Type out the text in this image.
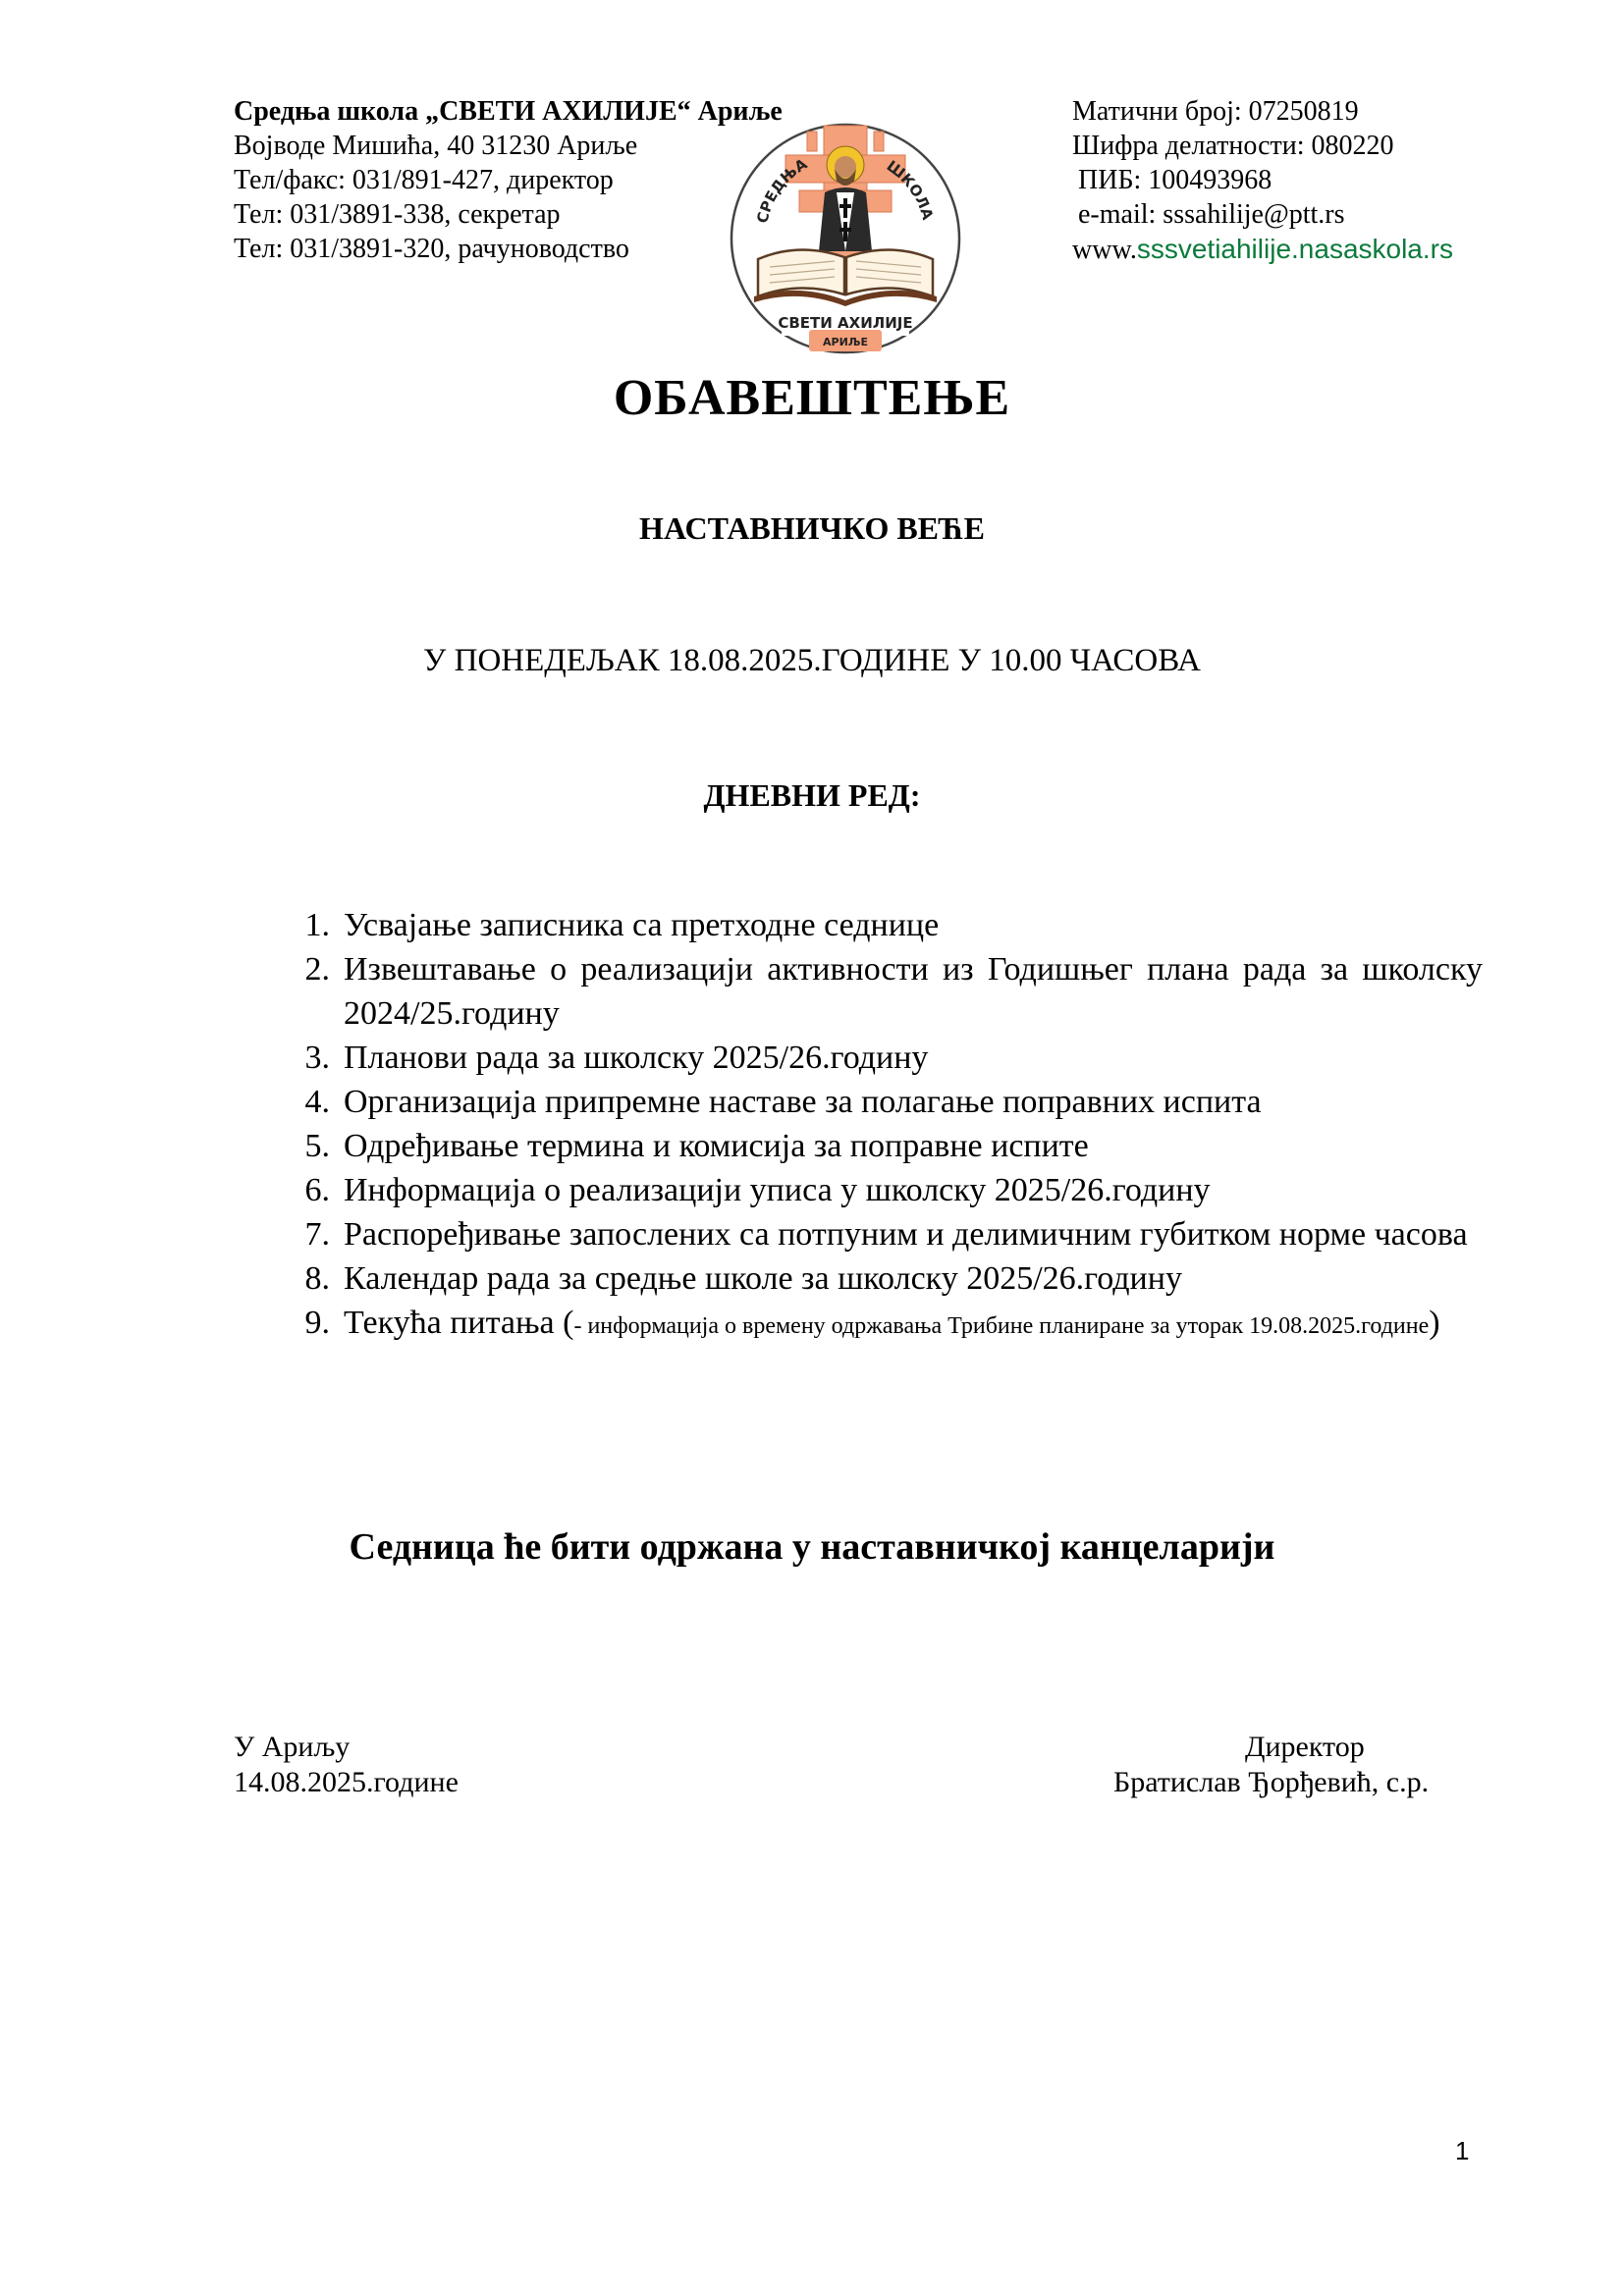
Средња школа „СВЕТИ АХИЛИЈЕ“ Ариље
Војводе Мишића, 40 31230 Ариље
Тел/факс: 031/891-427, директор
Тел: 031/3891-338, секретар
Тел: 031/3891-320, рачуноводство
Матични број: 07250819
Шифра делатности: 080220
ПИБ: 100493968
e-mail: sssahilije@ptt.rs
www.sssvetiahilije.nasaskola.rs
СРЕДЊА	ШКОЛА
СВЕТИ АХИЛИЈЕ
АРИЉЕ
ОБАВЕШТЕЊЕ
НАСТАВНИЧКО ВЕЋЕ
У ПОНЕДЕЉАК 18.08.2025.ГОДИНЕ У 10.00 ЧАСОВА
ДНЕВНИ РЕД:
1. Усвајање записника са претходне седнице
2. Извештавање о реализацији активности из Годишњег плана рада за школску 2024/25.годину
3. Планови рада за школску 2025/26.годину
4. Организација припремне наставе за полагање поправних испита
5. Одређивање термина и комисија за поправне испите
6. Информација о реализацији уписа у школску 2025/26.годину
7. Распоређивање запослених са потпуним и делимичним губитком норме часова
8. Календар рада за средње школе за школску 2025/26.годину
9. Текућа питања (- информација о времену одржавања Трибине планиране за уторак 19.08.2025.године)
Седница ће бити одржана у наставничкој канцеларији
У Ариљу
14.08.2025.године
Директор
Братислав Ђорђевић, с.р.
1
